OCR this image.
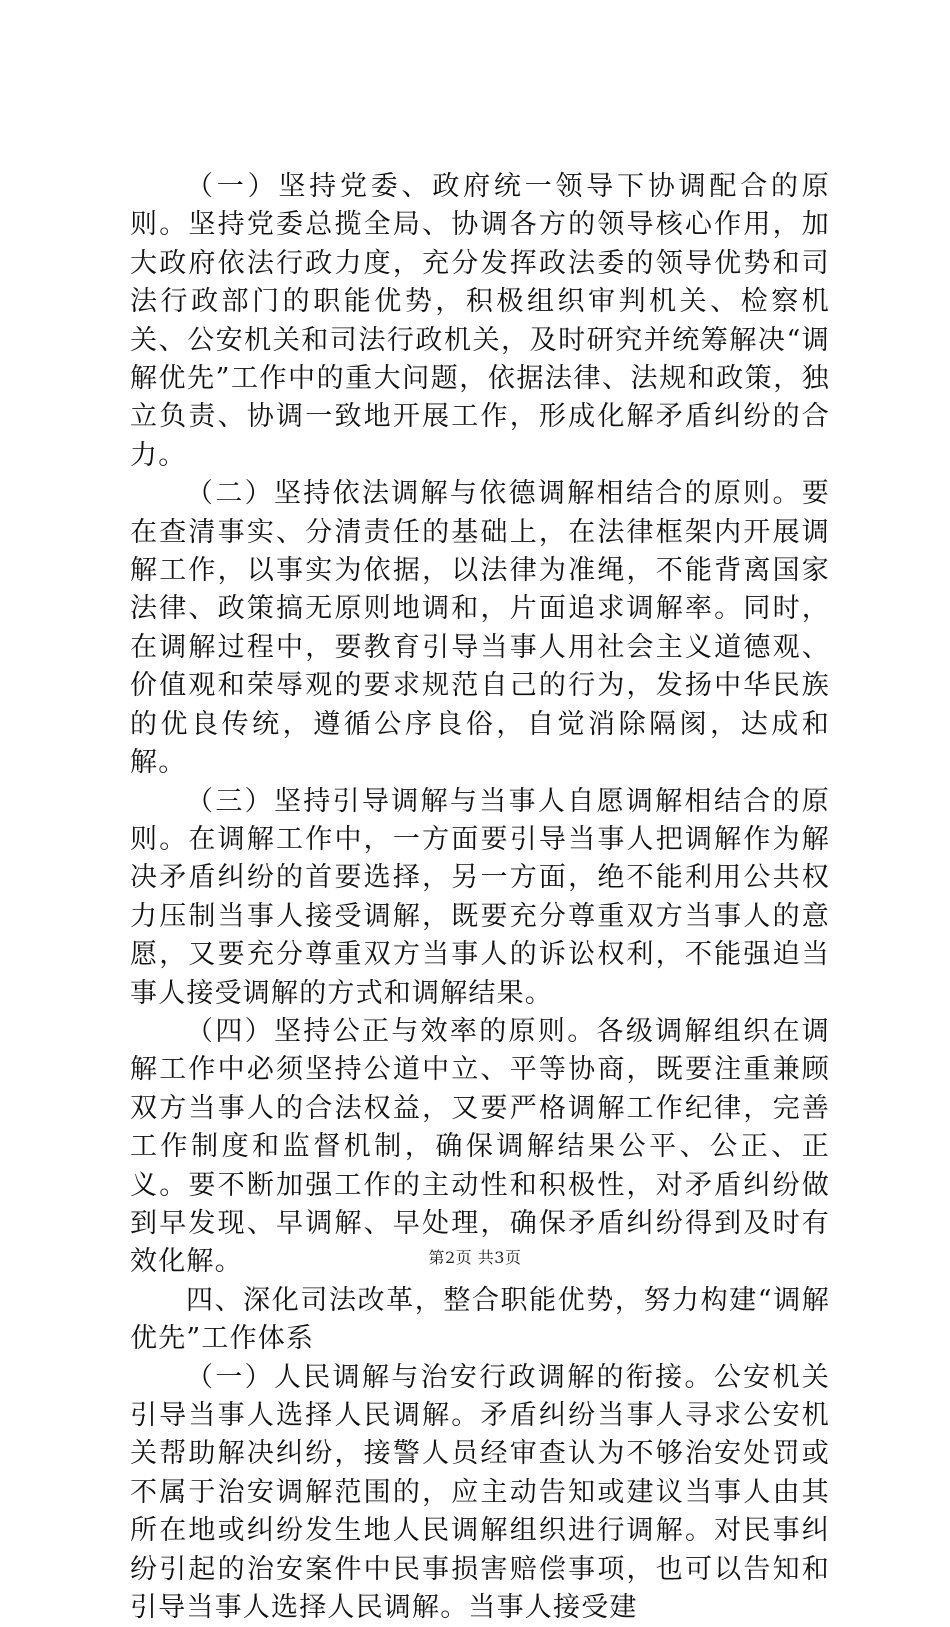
（一）坚持党委、政府统一领导下协调配合的原则。坚持党委总揽全局、协调各方的领导核心作用，加大政府依法行政力度，充分发挥政法委的领导优势和司法行政部门的职能优势，积极组织审判机关、检察机关、公安机关和司法行政机关，及时研究并统筹解决“调解优先”工作中的重大问题，依据法律、法规和政策，独立负责、协调一致地开展工作，形成化解矛盾纠纷的合力。

（二）坚持依法调解与依德调解相结合的原则。要在查清事实、分清责任的基础上，在法律框架内开展调解工作，以事实为依据，以法律为准绳，不能背离国家法律、政策搞无原则地调和，片面追求调解率。同时，在调解过程中，要教育引导当事人用社会主义道德观、价值观和荣辱观的要求规范自己的行为，发扬中华民族的优良传统，遵循公序良俗，自觉消除隔阂，达成和解。

（三）坚持引导调解与当事人自愿调解相结合的原则。在调解工作中，一方面要引导当事人把调解作为解决矛盾纠纷的首要选择，另一方面，绝不能利用公共权力压制当事人接受调解，既要充分尊重双方当事人的意愿，又要充分尊重双方当事人的诉讼权利，不能强迫当事人接受调解的方式和调解结果。

（四）坚持公正与效率的原则。各级调解组织在调解工作中必须坚持公道中立、平等协商，既要注重兼顾双方当事人的合法权益，又要严格调解工作纪律，完善工作制度和监督机制，确保调解结果公平、公正、正义。要不断加强工作的主动性和积极性，对矛盾纠纷做到早发现、早调解、早处理，确保矛盾纠纷得到及时有效化解。

四、深化司法改革，整合职能优势，努力构建“调解优先”工作体系

（一）人民调解与治安行政调解的衔接。公安机关引导当事人选择人民调解。矛盾纠纷当事人寻求公安机关帮助解决纠纷，接警人员经审查认为不够治安处罚或不属于治安调解范围的，应主动告知或建议当事人由其所在地或纠纷发生地人民调解组织进行调解。对民事纠纷引起的治安案件中民事损害赔偿事项，也可以告知和引导当事人选择人民调解。当事人接受建

第2页 共3页
